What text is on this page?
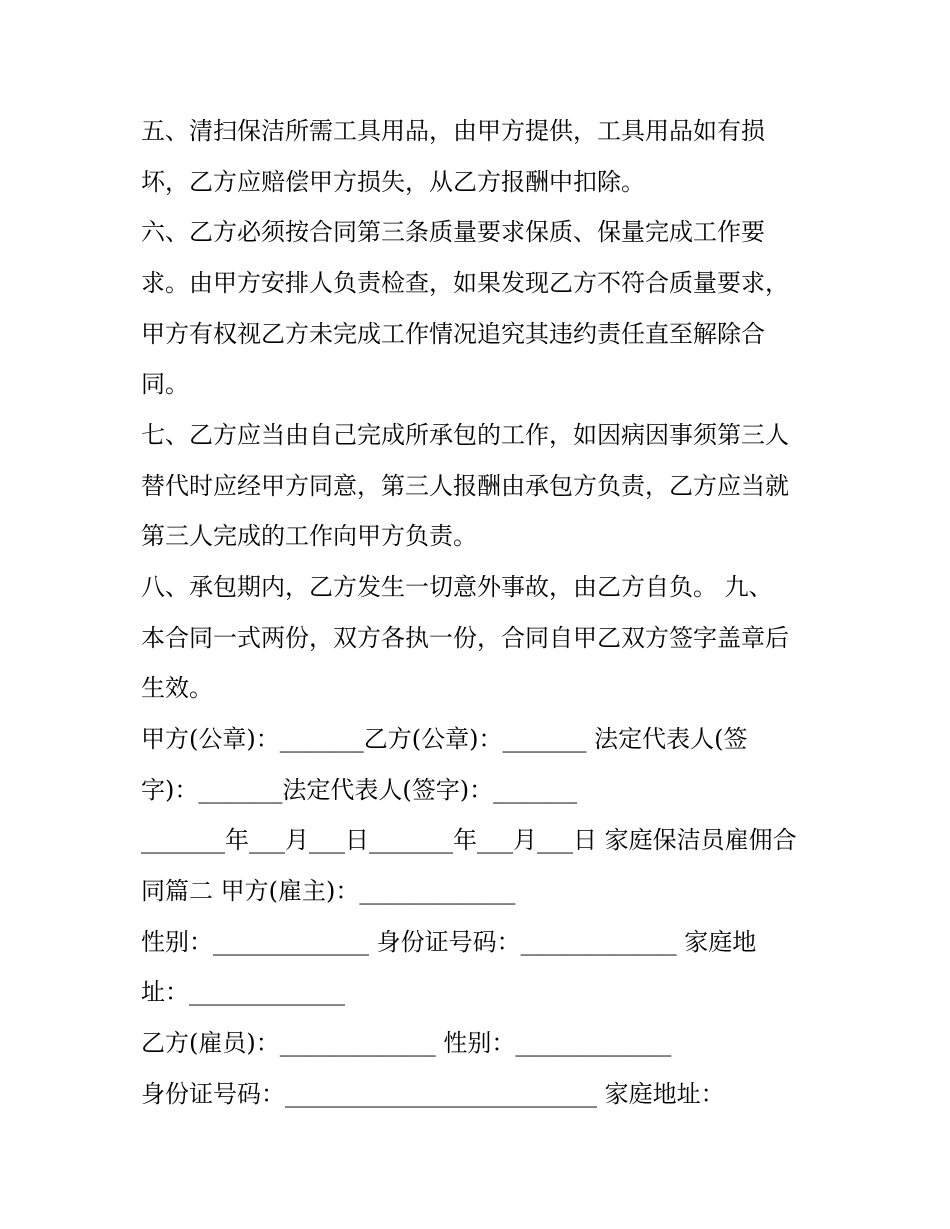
五、清扫保洁所需工具用品，由甲方提供，工具用品如有损

坏，乙方应赔偿甲方损失，从乙方报酬中扣除。

六、乙方必须按合同第三条质量要求保质、保量完成工作要

求。由甲方安排人负责检查，如果发现乙方不符合质量要求，

甲方有权视乙方未完成工作情况追究其违约责任直至解除合

同。

七、乙方应当由自己完成所承包的工作，如因病因事须第三人

替代时应经甲方同意，第三人报酬由承包方负责，乙方应当就

第三人完成的工作向甲方负责。

八、承包期内，乙方发生一切意外事故，由乙方自负。 九、

本合同一式两份，双方各执一份，合同自甲乙双方签字盖章后

生效。

甲方(公章)：_______乙方(公章)：_______ 法定代表人(签

字)：_______法定代表人(签字)：_______

_______年___月___日_______年___月___日 家庭保洁员雇佣合

同篇二 甲方(雇主)：_____________

性别：_____________ 身份证号码：_____________ 家庭地

址：_____________

乙方(雇员)：_____________ 性别：_____________

身份证号码：__________________________ 家庭地址：
